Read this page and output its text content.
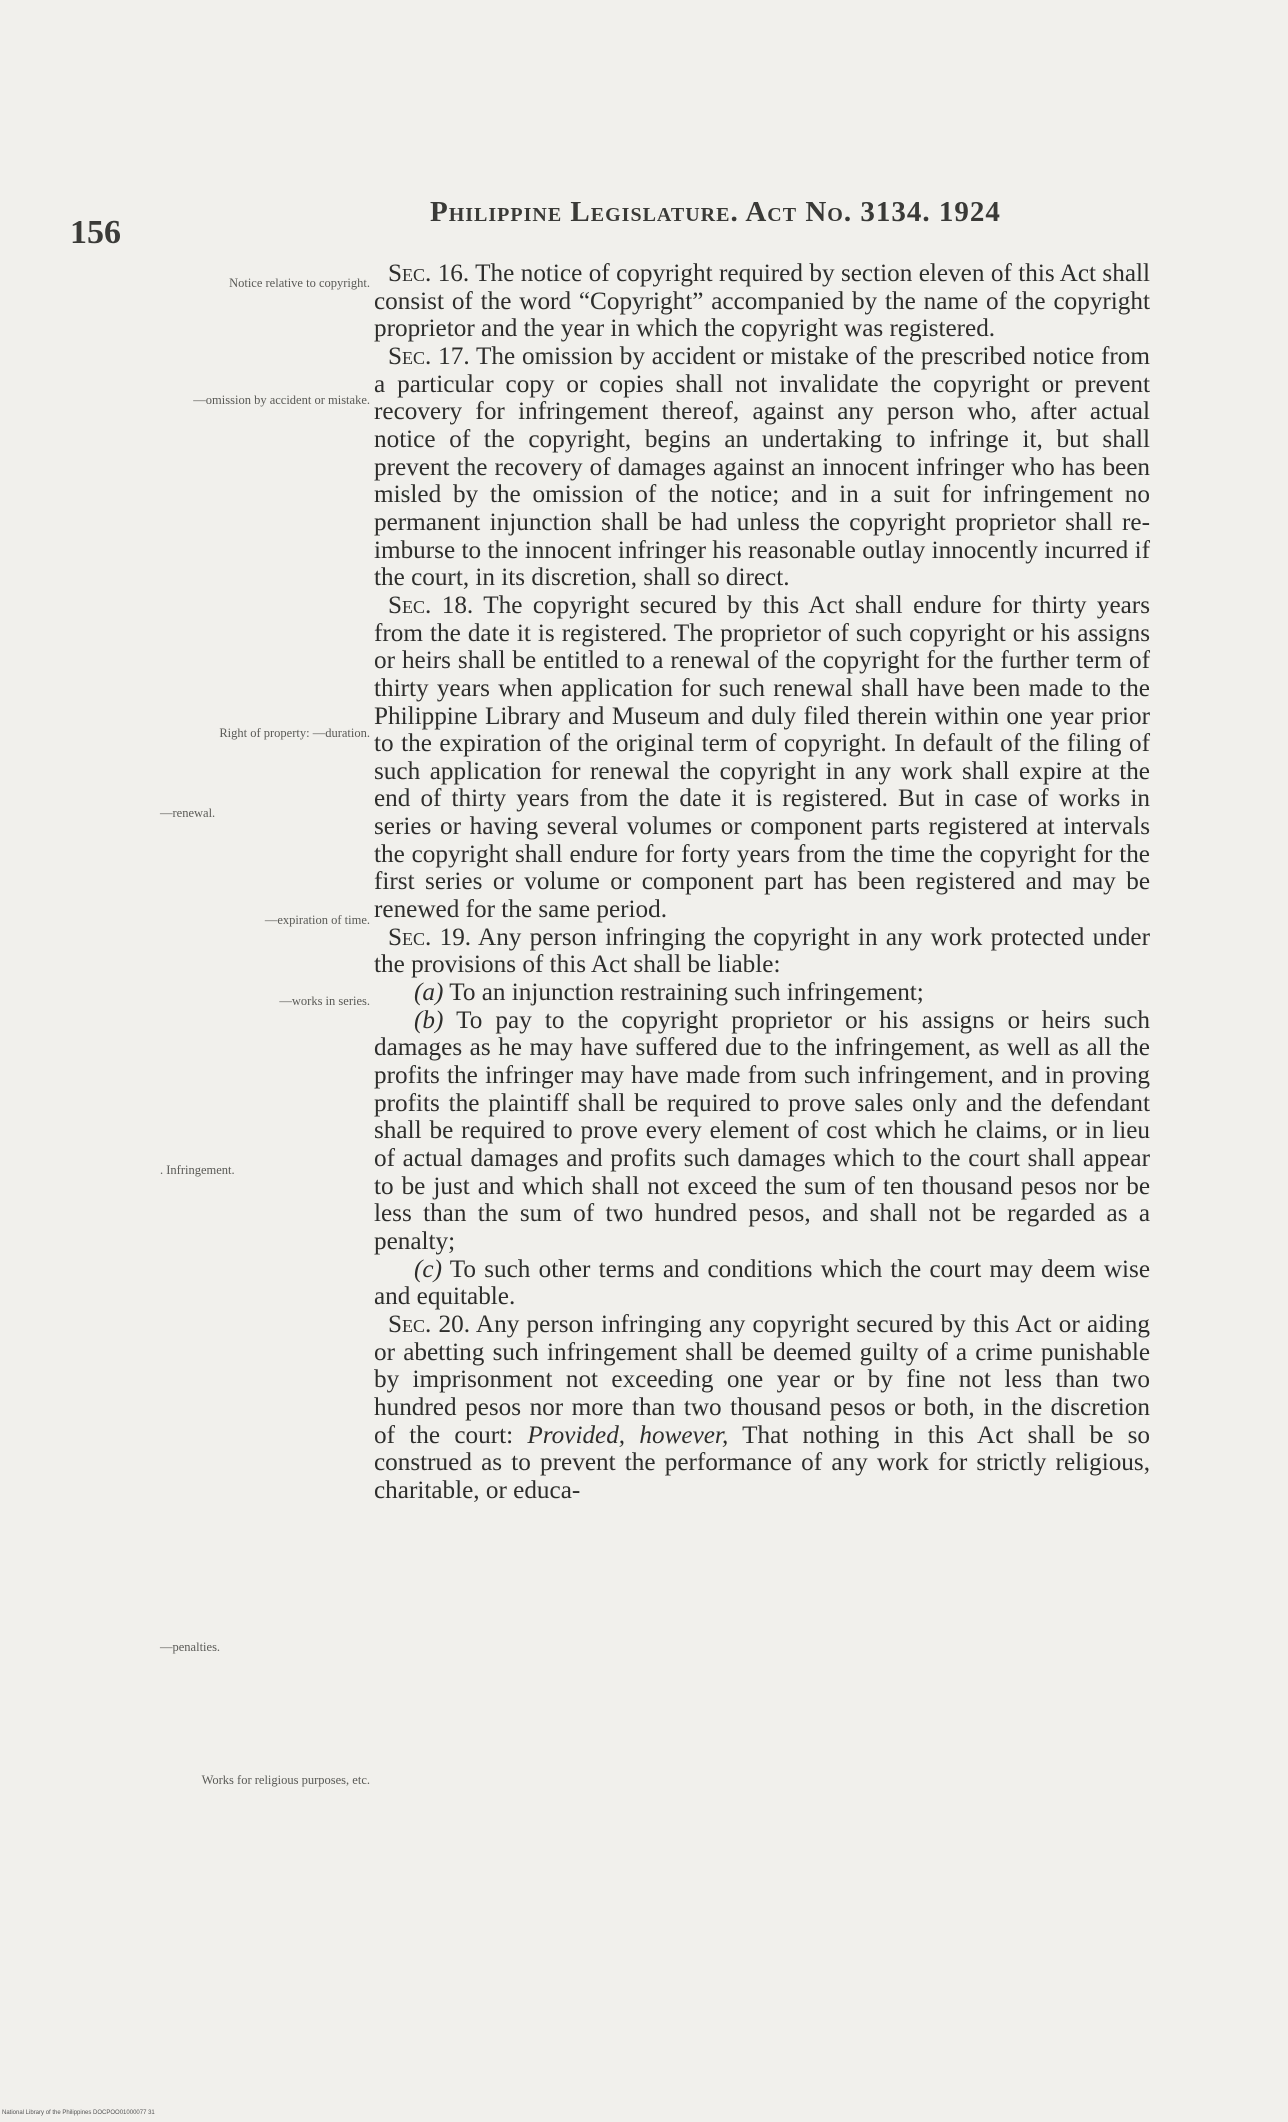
156
Philippine Legislature. Act No. 3134. 1924
Notice relative to copyright.
—omission by accident or mistake.
Right of property: —duration.
—renewal.
—expiration of time.
—works in series.
. Infringement.
—penalties.
Works for religious purposes, etc.

Sec. 16. The notice of copyright required by section eleven of this Act shall consist of the word “Copyright” accompanied by the name of the copyright proprietor and the year in which the copyright was registered.

Sec. 17. The omission by accident or mistake of the prescribed notice from a particular copy or copies shall not invalidate the copyright or prevent recovery for infringement thereof, against any person who, after actual notice of the copyright, begins an undertaking to infringe it, but shall prevent the recovery of damages against an innocent infringer who has been misled by the omission of the notice; and in a suit for infringement no permanent injunction shall be had unless the copyright proprietor shall reimburse to the innocent infringer his reasonable outlay innocently incurred if the court, in its discretion, shall so direct.

Sec. 18. The copyright secured by this Act shall endure for thirty years from the date it is registered. The proprietor of such copyright or his assigns or heirs shall be entitled to a renewal of the copyright for the further term of thirty years when application for such renewal shall have been made to the Philippine Library and Museum and duly filed therein within one year prior to the expiration of the original term of copyright. In default of the filing of such application for renewal the copyright in any work shall expire at the end of thirty years from the date it is registered. But in case of works in series or having several volumes or component parts registered at intervals the copyright shall endure for forty years from the time the copyright for the first series or volume or component part has been registered and may be renewed for the same period.

Sec. 19. Any person infringing the copyright in any work protected under the provisions of this Act shall be liable:

(a) To an injunction restraining such infringement;

(b) To pay to the copyright proprietor or his assigns or heirs such damages as he may have suffered due to the infringement, as well as all the profits the infringer may have made from such infringement, and in proving profits the plaintiff shall be required to prove sales only and the defendant shall be required to prove every element of cost which he claims, or in lieu of actual damages and profits such damages which to the court shall appear to be just and which shall not exceed the sum of ten thousand pesos nor be less than the sum of two hundred pesos, and shall not be regarded as a penalty;

(c) To such other terms and conditions which the court may deem wise and equitable.

Sec. 20. Any person infringing any copyright secured by this Act or aiding or abetting such infringement shall be deemed guilty of a crime punishable by imprisonment not exceeding one year or by fine not less than two hundred pesos nor more than two thousand pesos or both, in the discretion of the court: Provided, however, That nothing in this Act shall be so construed as to prevent the performance of any work for strictly religious, charitable, or educa-

National Library of the Philippines DOCPOO01000077 31
